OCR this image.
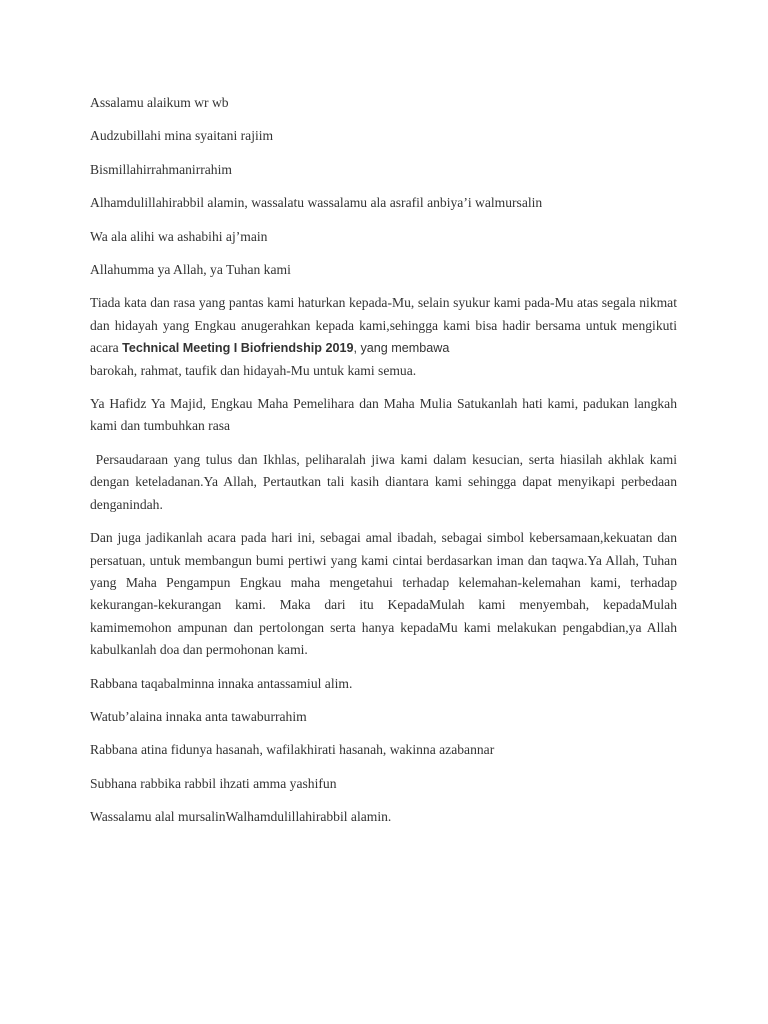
Assalamu alaikum wr wb

Audzubillahi mina syaitani rajiim

Bismillahirrahmanirrahim

Alhamdulillahirabbil alamin, wassalatu wassalamu ala asrafil anbiya’i walmursalin

Wa ala alihi wa ashabihi aj’main

Allahumma ya Allah, ya Tuhan kami

Tiada kata dan rasa yang pantas kami haturkan kepada-Mu, selain syukur kami pada-Mu atas segala nikmat dan hidayah yang Engkau anugerahkan kepada kami,sehingga kami bisa hadir bersama untuk mengikuti acara Technical Meeting I Biofriendship 2019, yang membawa

barokah, rahmat, taufik dan hidayah-Mu untuk kami semua.

Ya Hafidz Ya Majid, Engkau Maha Pemelihara dan Maha Mulia Satukanlah hati kami, padukan langkah kami dan tumbuhkan rasa

Persaudaraan yang tulus dan Ikhlas, peliharalah jiwa kami dalam kesucian, serta hiasilah akhlak kami dengan keteladanan.Ya Allah, Pertautkan tali kasih diantara kami sehingga dapat menyikapi perbedaan denganindah.

Dan juga jadikanlah acara pada hari ini, sebagai amal ibadah, sebagai simbol kebersamaan,kekuatan dan persatuan, untuk membangun bumi pertiwi yang kami cintai berdasarkan iman dan taqwa.Ya Allah, Tuhan yang Maha Pengampun Engkau maha mengetahui terhadap kelemahan-kelemahan kami, terhadap kekurangan-kekurangan kami. Maka dari itu KepadaMulah kami menyembah, kepadaMulah kamimemohon ampunan dan pertolongan serta hanya kepadaMu kami melakukan pengabdian,ya Allah kabulkanlah doa dan permohonan kami.

Rabbana taqabalminna innaka antassamiul alim.

Watub’alaina innaka anta tawaburrahim

Rabbana atina fidunya hasanah, wafilakhirati hasanah, wakinna azabannar

Subhana rabbika rabbil ihzati amma yashifun

Wassalamu alal mursalinWalhamdulillahirabbil alamin.
